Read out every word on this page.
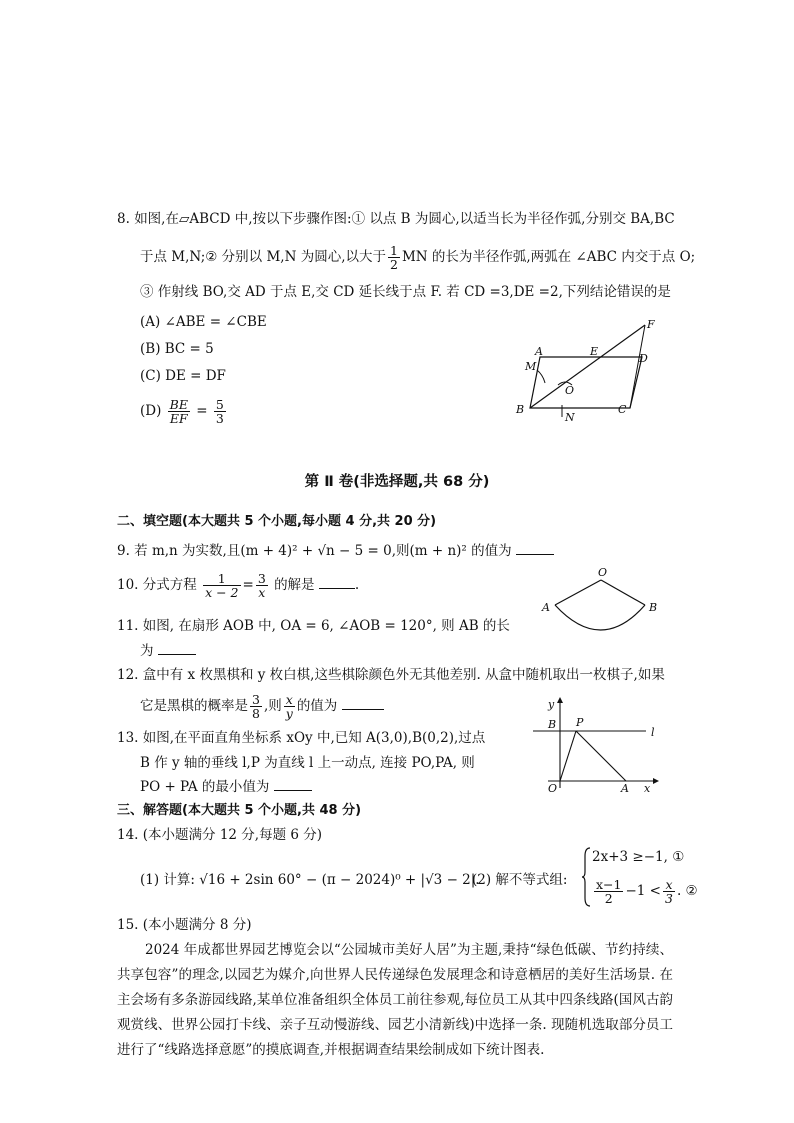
8. 如图,在▱ABCD 中,按以下步骤作图:① 以点 B 为圆心,以适当长为半径作弧,分别交 BA,BC
于点 M,N;② 分别以 M,N 为圆心,以大于 $\frac{1}{2}$ MN 的长为半径作弧,两弧在 ∠ABC 内交于点 O;
③ 作射线 BO,交 AD 于点 E,交 CD 延长线于点 F. 若 CD =3,DE =2,下列结论错误的是
(A) ∠ABE = ∠CBE
(B) BC = 5
(C) DE = DF
$(D) \frac{BE}{EF} = \frac{5}{3}$
A	E
D
F
M
O
B
N
C
第 Ⅱ 卷(非选择题,共 68 分)
二、填空题(本大题共 5 个小题,每小题 4 分,共 20 分)
9. 若 m,n 为实数,且(m + 4)² + √n − 5 = 0,则(m + n)² 的值为
10. 分式方程 $\frac{1}{x - 2} = \frac{3}{x}$ 的解是	.
O
A	B
11. 如图, 在扇形 AOB 中, OA = 6, ∠AOB = 120°, 则 AB 的长
为
12. 盒中有 x 枚黑棋和 y 枚白棋,这些棋除颜色外无其他差别. 从盒中随机取出一枚棋子,如果
它是黑棋的概率是 $\frac{3}{8}$ ,则 $\frac{x}{y}$ 的值为	y
B P
l
O	A x
13. 如图,在平面直角坐标系 xOy 中,已知 A(3,0),B(0,2),过点
B 作 y 轴的垂线 l,P 为直线 l 上一动点, 连接 PO,PA, 则
PO + PA 的最小值为
三、解答题(本大题共 5 个小题,共 48 分)
14. (本小题满分 12 分,每题 6 分)
(1) 计算: √16 + 2sin 60° − (π − 2024)⁰ + |√3 − 2|.
(2) 解不等式组:
2x+3 ≥−1, ①
$\frac{x-1}{2} -1 < \frac{x}{3}$ . ②
15. (本小题满分 8 分)
2024 年成都世界园艺博览会以“公园城市美好人居”为主题,秉持“绿色低碳、节约持续、共享包容”的理念,以园艺为媒介,向世界人民传递绿色发展理念和诗意栖居的美好生活场景. 在主会场有多条游园线路,某单位准备组织全体员工前往参观,每位员工从其中四条线路(国风古韵观赏线、世界公园打卡线、亲子互动慢游线、园艺小清新线)中选择一条. 现随机选取部分员工进行了“线路选择意愿”的摸底调查,并根据调查结果绘制成如下统计图表.
